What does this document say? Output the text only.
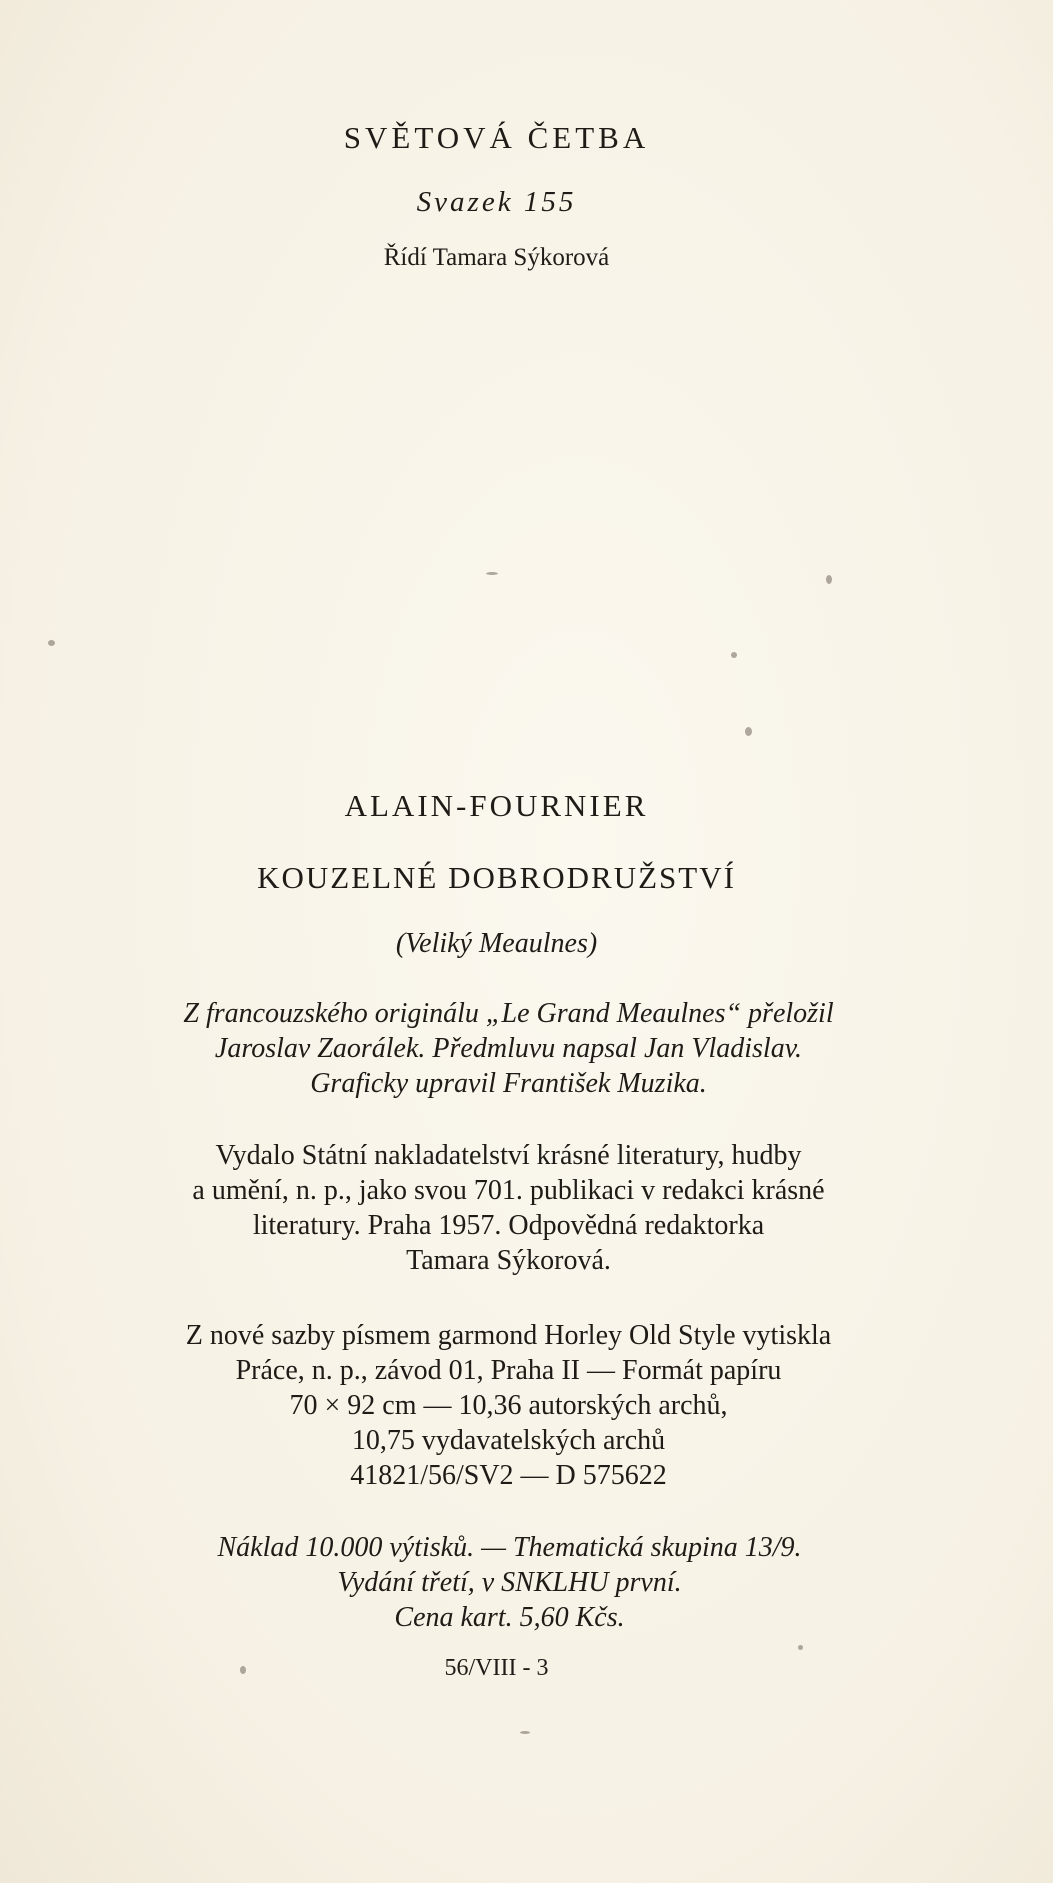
SVĚTOVÁ ČETBA
Svazek 155
Řídí Tamara Sýkorová
ALAIN-FOURNIER
KOUZELNÉ DOBRODRUŽSTVÍ
(Veliký Meaulnes)
Z francouzského originálu „Le Grand Meaulnes“ přeložil
Jaroslav Zaorálek. Předmluvu napsal Jan Vladislav.
Graficky upravil František Muzika.
Vydalo Státní nakladatelství krásné literatury, hudby
a umění, n. p., jako svou 701. publikaci v redakci krásné
literatury. Praha 1957. Odpovědná redaktorka
Tamara Sýkorová.
Z nové sazby písmem garmond Horley Old Style vytiskla
Práce, n. p., závod 01, Praha II — Formát papíru
70 × 92 cm — 10,36 autorských archů,
10,75 vydavatelských archů
41821/56/SV2 — D 575622
Náklad 10.000 výtisků. — Thematická skupina 13/9.
Vydání třetí, v SNKLHU první.
Cena kart. 5,60 Kčs.
56/VIII - 3
